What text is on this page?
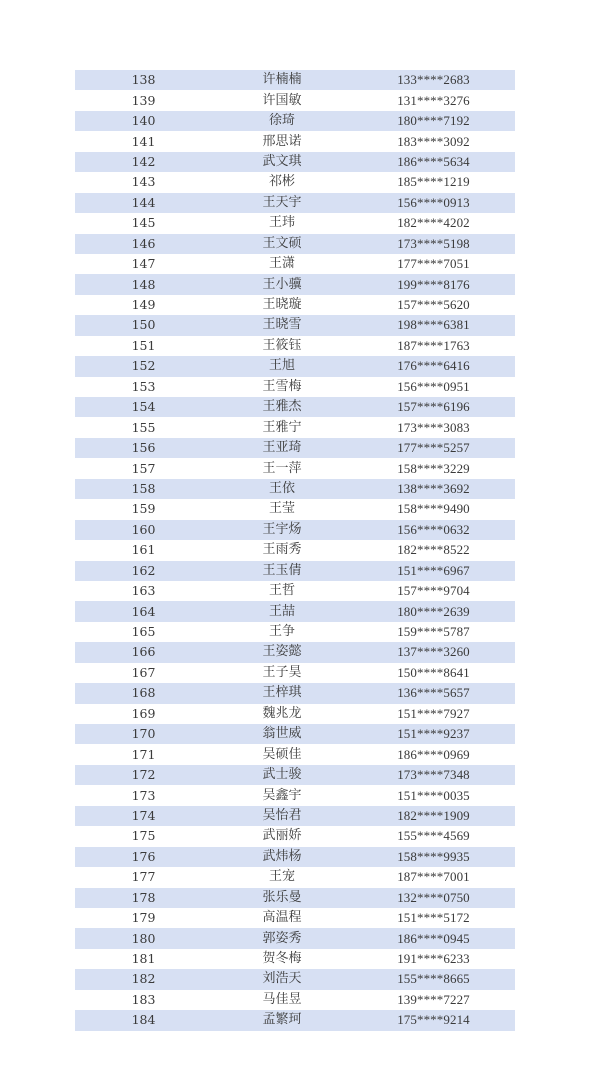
138	许楠楠	133****2683
139	许国敏	131****3276
140	徐琦	180****7192
141	邢思诺	183****3092
142	武文琪	186****5634
143	祁彬	185****1219
144	王天宇	156****0913
145	王玮	182****4202
146	王文硕	173****5198
147	王潇	177****7051
148	王小骥	199****8176
149	王晓璇	157****5620
150	王晓雪	198****6381
151	王筱钰	187****1763
152	王旭	176****6416
153	王雪梅	156****0951
154	王雅杰	157****6196
155	王雅宁	173****3083
156	王亚琦	177****5257
157	王一萍	158****3229
158	王依	138****3692
159	王莹	158****9490
160	王宇炀	156****0632
161	王雨秀	182****8522
162	王玉倩	151****6967
163	王哲	157****9704
164	王喆	180****2639
165	王争	159****5787
166	王姿懿	137****3260
167	王子昊	150****8641
168	王梓琪	136****5657
169	魏兆龙	151****7927
170	翁世威	151****9237
171	吴硕佳	186****0969
172	武士骏	173****7348
173	吴鑫宇	151****0035
174	吴怡君	182****1909
175	武丽娇	155****4569
176	武炜杨	158****9935
177	王宠	187****7001
178	张乐曼	132****0750
179	高温程	151****5172
180	郭姿秀	186****0945
181	贺冬梅	191****6233
182	刘浩天	155****8665
183	马佳昱	139****7227
184	孟繁珂	175****9214
